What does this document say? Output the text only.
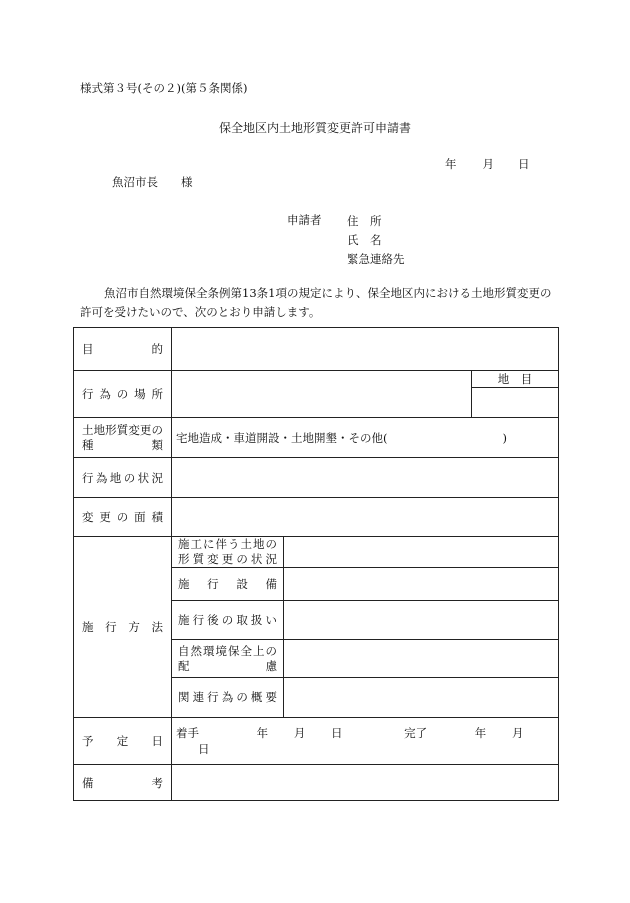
様式第３号(その２)(第５条関係)
保全地区内土地形質変更許可申請書
年 月 日
魚沼市長　　様
申請者 住　所
氏　名
緊急連絡先
魚沼市自然環境保全条例第13条1項の規定により、保全地区内における土地形質変更の
許可を受けたいので、次のとおり申請します。
目的			
行為の場所			地　目

土地形質変更の種類	宅地造成・車道開設・土地開墾・その他(　　　　　　　　　　)		
行為地の状況			
変更の面積			
施行方法	施工に伴う土地の形質変更の状況		
	施行設備		
	施行後の取扱い		
	自然環境保全上の配慮		
	関連行為の概要		
予定日	着手 年 月 日 完了 年 月 日		
備考			
